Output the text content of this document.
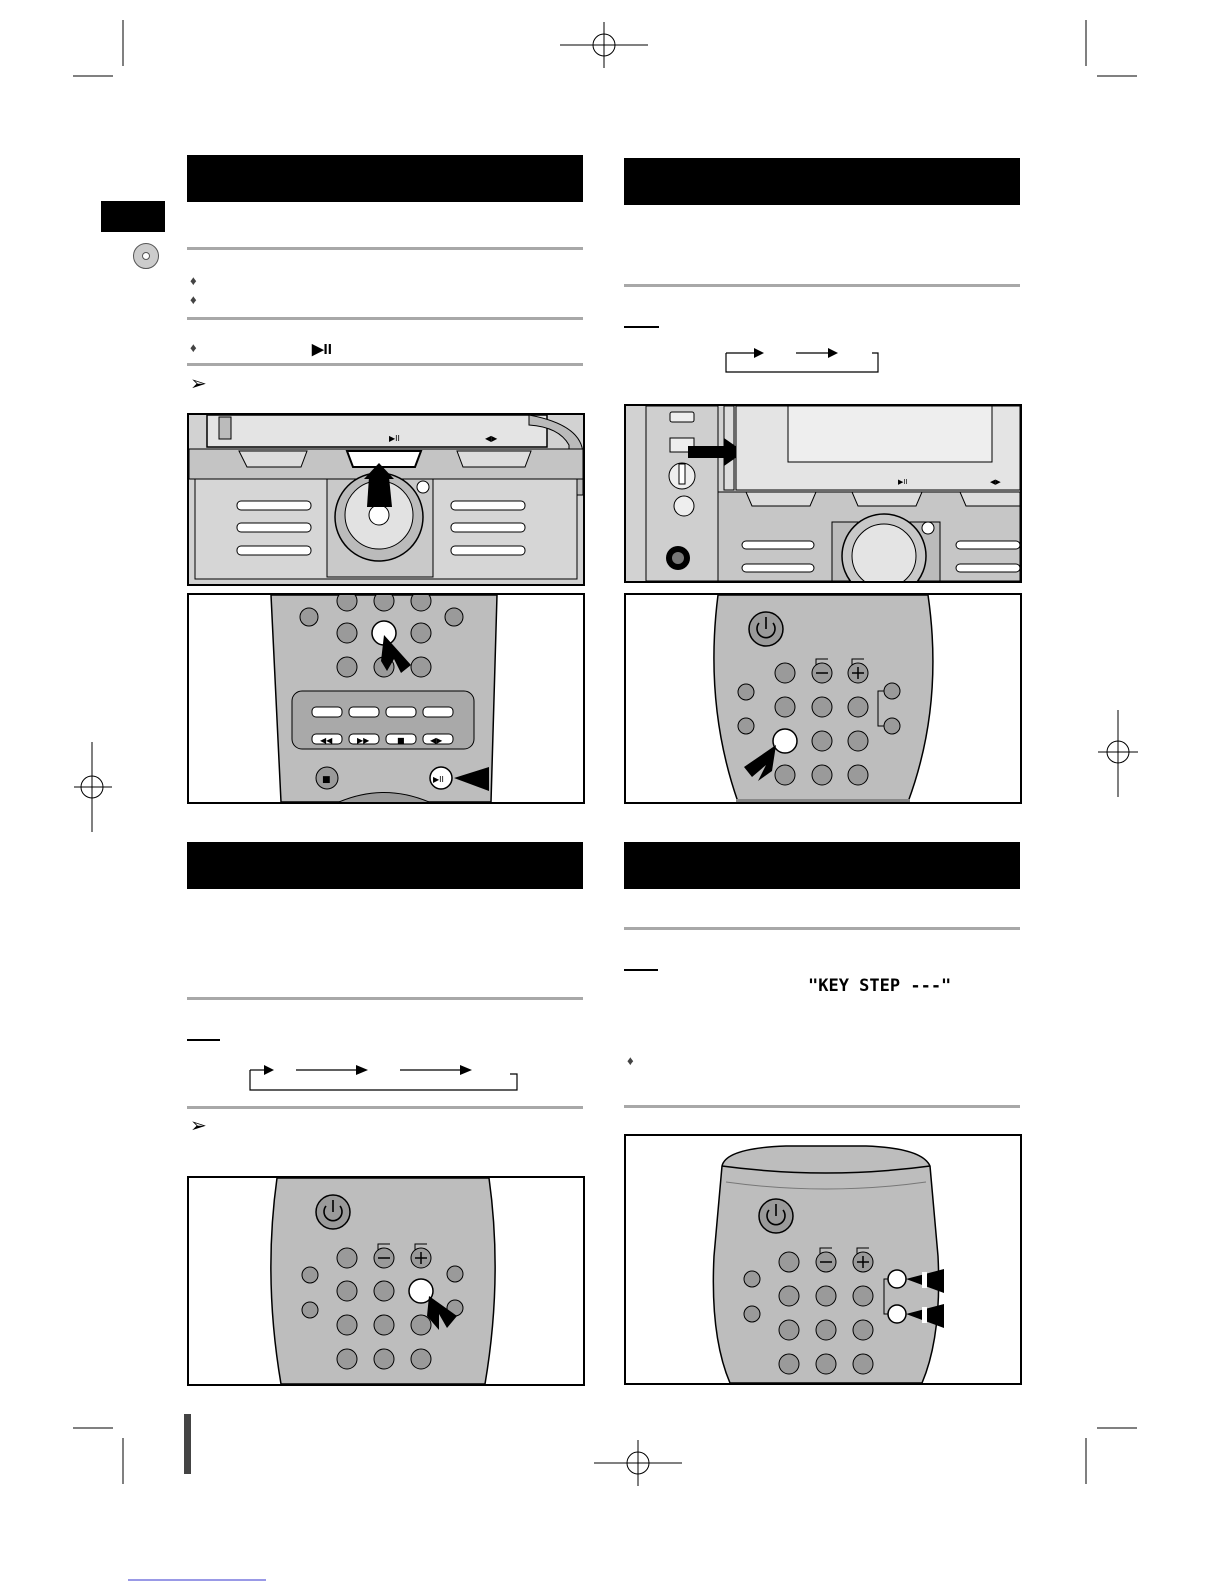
♦
♦
♦	▶II
➢
▶II	◀▶
◀◀	▶▶	■	◀▶
■	▶II
▶II	◀▶
➢
"KEY STEP ---"
♦
